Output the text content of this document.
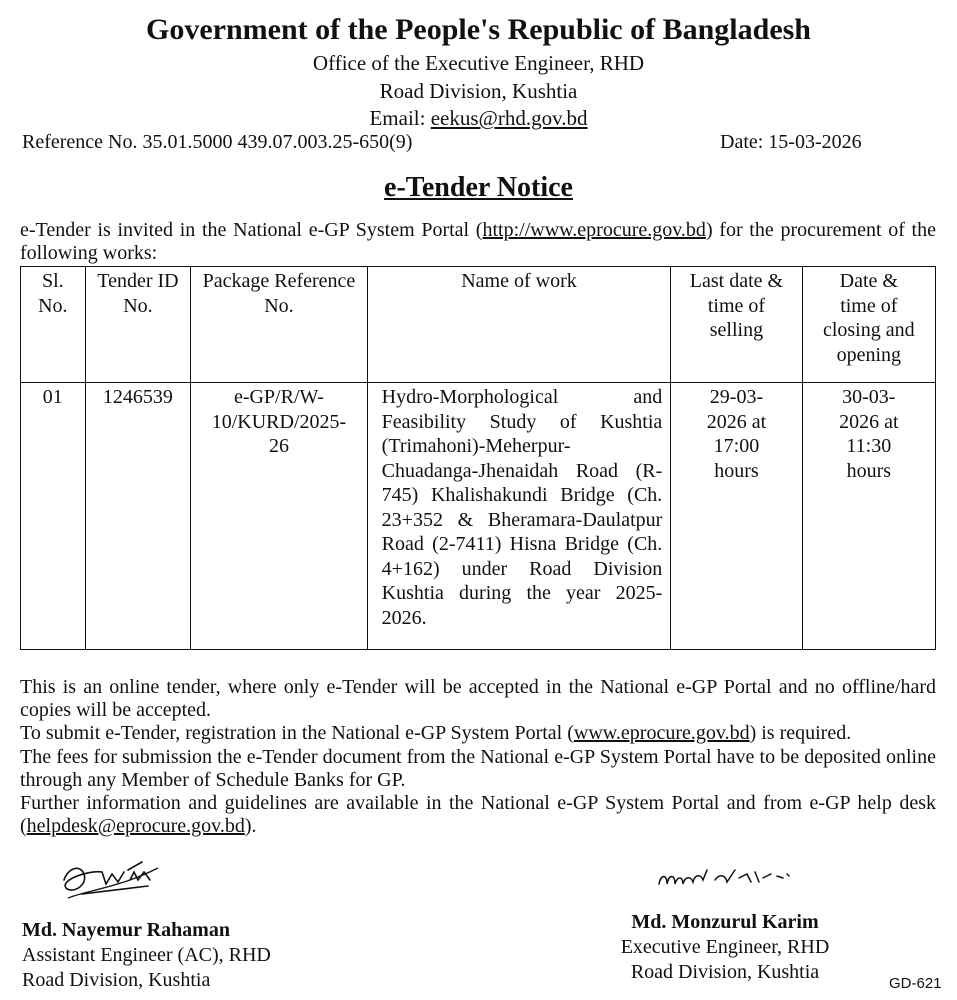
Government of the People's Republic of Bangladesh
Office of the Executive Engineer, RHD
Road Division, Kushtia
Email: eekus@rhd.gov.bd
Reference No. 35.01.5000 439.07.003.25-650(9)	Date: 15-03-2026
e-Tender Notice
e-Tender is invited in the National e-GP System Portal (http://www.eprocure.gov.bd) for the procurement of the following works:
Sl. No.	Tender ID No.	Package Reference No.	Name of work	Last date & time of selling	Date & time of closing and opening
01	1246539	e-GP/R/W-10/KURD/2025-26	Hydro-Morphological and Feasibility Study of Kushtia (Trimahoni)-Meherpur-Chuadanga-Jhenaidah Road (R-745) Khalishakundi Bridge (Ch. 23+352 & Bheramara-Daulatpur Road (2-7411) Hisna Bridge (Ch. 4+162) under Road Division Kushtia during the year 2025-2026.	29-03-2026 at 17:00 hours	30-03-2026 at 11:30 hours

This is an online tender, where only e-Tender will be accepted in the National e-GP Portal and no offline/hard copies will be accepted.

To submit e-Tender, registration in the National e-GP System Portal (www.eprocure.gov.bd) is required.

The fees for submission the e-Tender document from the National e-GP System Portal have to be deposited online through any Member of Schedule Banks for GP.

Further information and guidelines are available in the National e-GP System Portal and from e-GP help desk (helpdesk@eprocure.gov.bd).

Md. Nayemur Rahaman
Assistant Engineer (AC), RHD
Road Division, Kushtia
Md. Monzurul Karim
Executive Engineer, RHD
Road Division, Kushtia
GD-621
